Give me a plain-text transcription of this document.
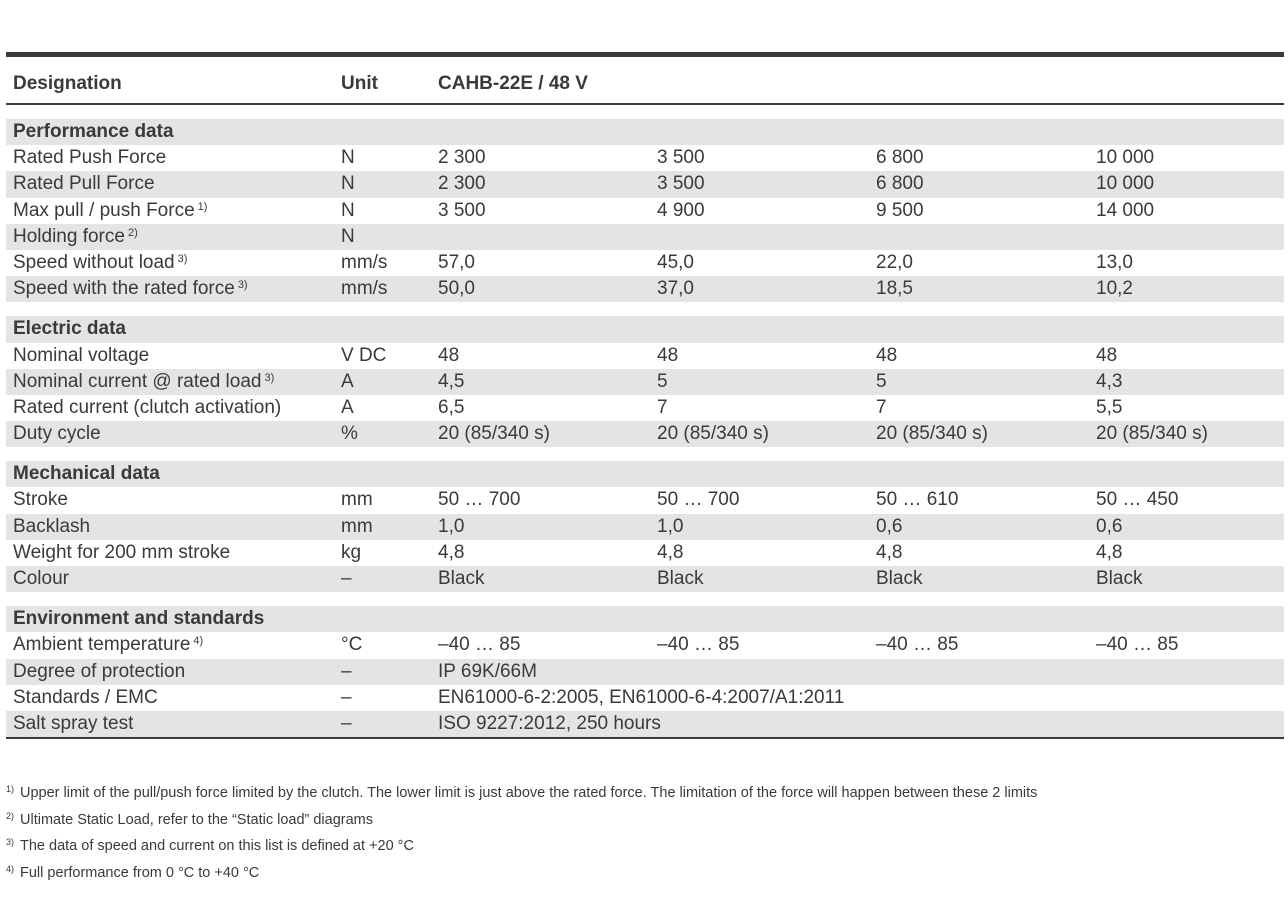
Designation	Unit	CAHB-22E / 48 V
Performance data
Rated Push Force	N	2 300	3 500	6 800	10 000
Rated Pull Force	N	2 300	3 500	6 800	10 000
Max pull / push Force $^{1)}$	N	3 500	4 900	9 500	14 000
Holding force $^{2)}$	N
Speed without load $^{3)}$	mm/s	57,0	45,0	22,0	13,0
Speed with the rated force $^{3)}$	mm/s	50,0	37,0	18,5	10,2
Electric data
Nominal voltage	V DC	48	48	48	48
Nominal current @ rated load $^{3)}$	A	4,5	5	5	4,3
Rated current (clutch activation)	A	6,5	7	7	5,5
Duty cycle	%	20 (85/340 s)	20 (85/340 s)	20 (85/340 s)	20 (85/340 s)
Mechanical data
Stroke	mm	50 … 700	50 … 700	50 … 610	50 … 450
Backlash	mm	1,0	1,0	0,6	0,6
Weight for 200 mm stroke	kg	4,8	4,8	4,8	4,8
Colour	–	Black	Black	Black	Black
Environment and standards
Ambient temperature $^{4)}$	°C	–40 … 85	–40 … 85	–40 … 85	–40 … 85
Degree of protection	–	IP 69K/66M
Standards / EMC	–	EN61000-6-2:2005, EN61000-6-4:2007/A1:2011
Salt spray test	–	ISO 9227:2012, 250 hours
$^{1)}$ Upper limit of the pull/push force limited by the clutch. The lower limit is just above the rated force. The limitation of the force will happen between these 2 limits
$^{2)}$ Ultimate Static Load, refer to the “Static load” diagrams
$^{3)}$ The data of speed and current on this list is defined at +20 °C
$^{4)}$ Full performance from 0 °C to +40 °C
